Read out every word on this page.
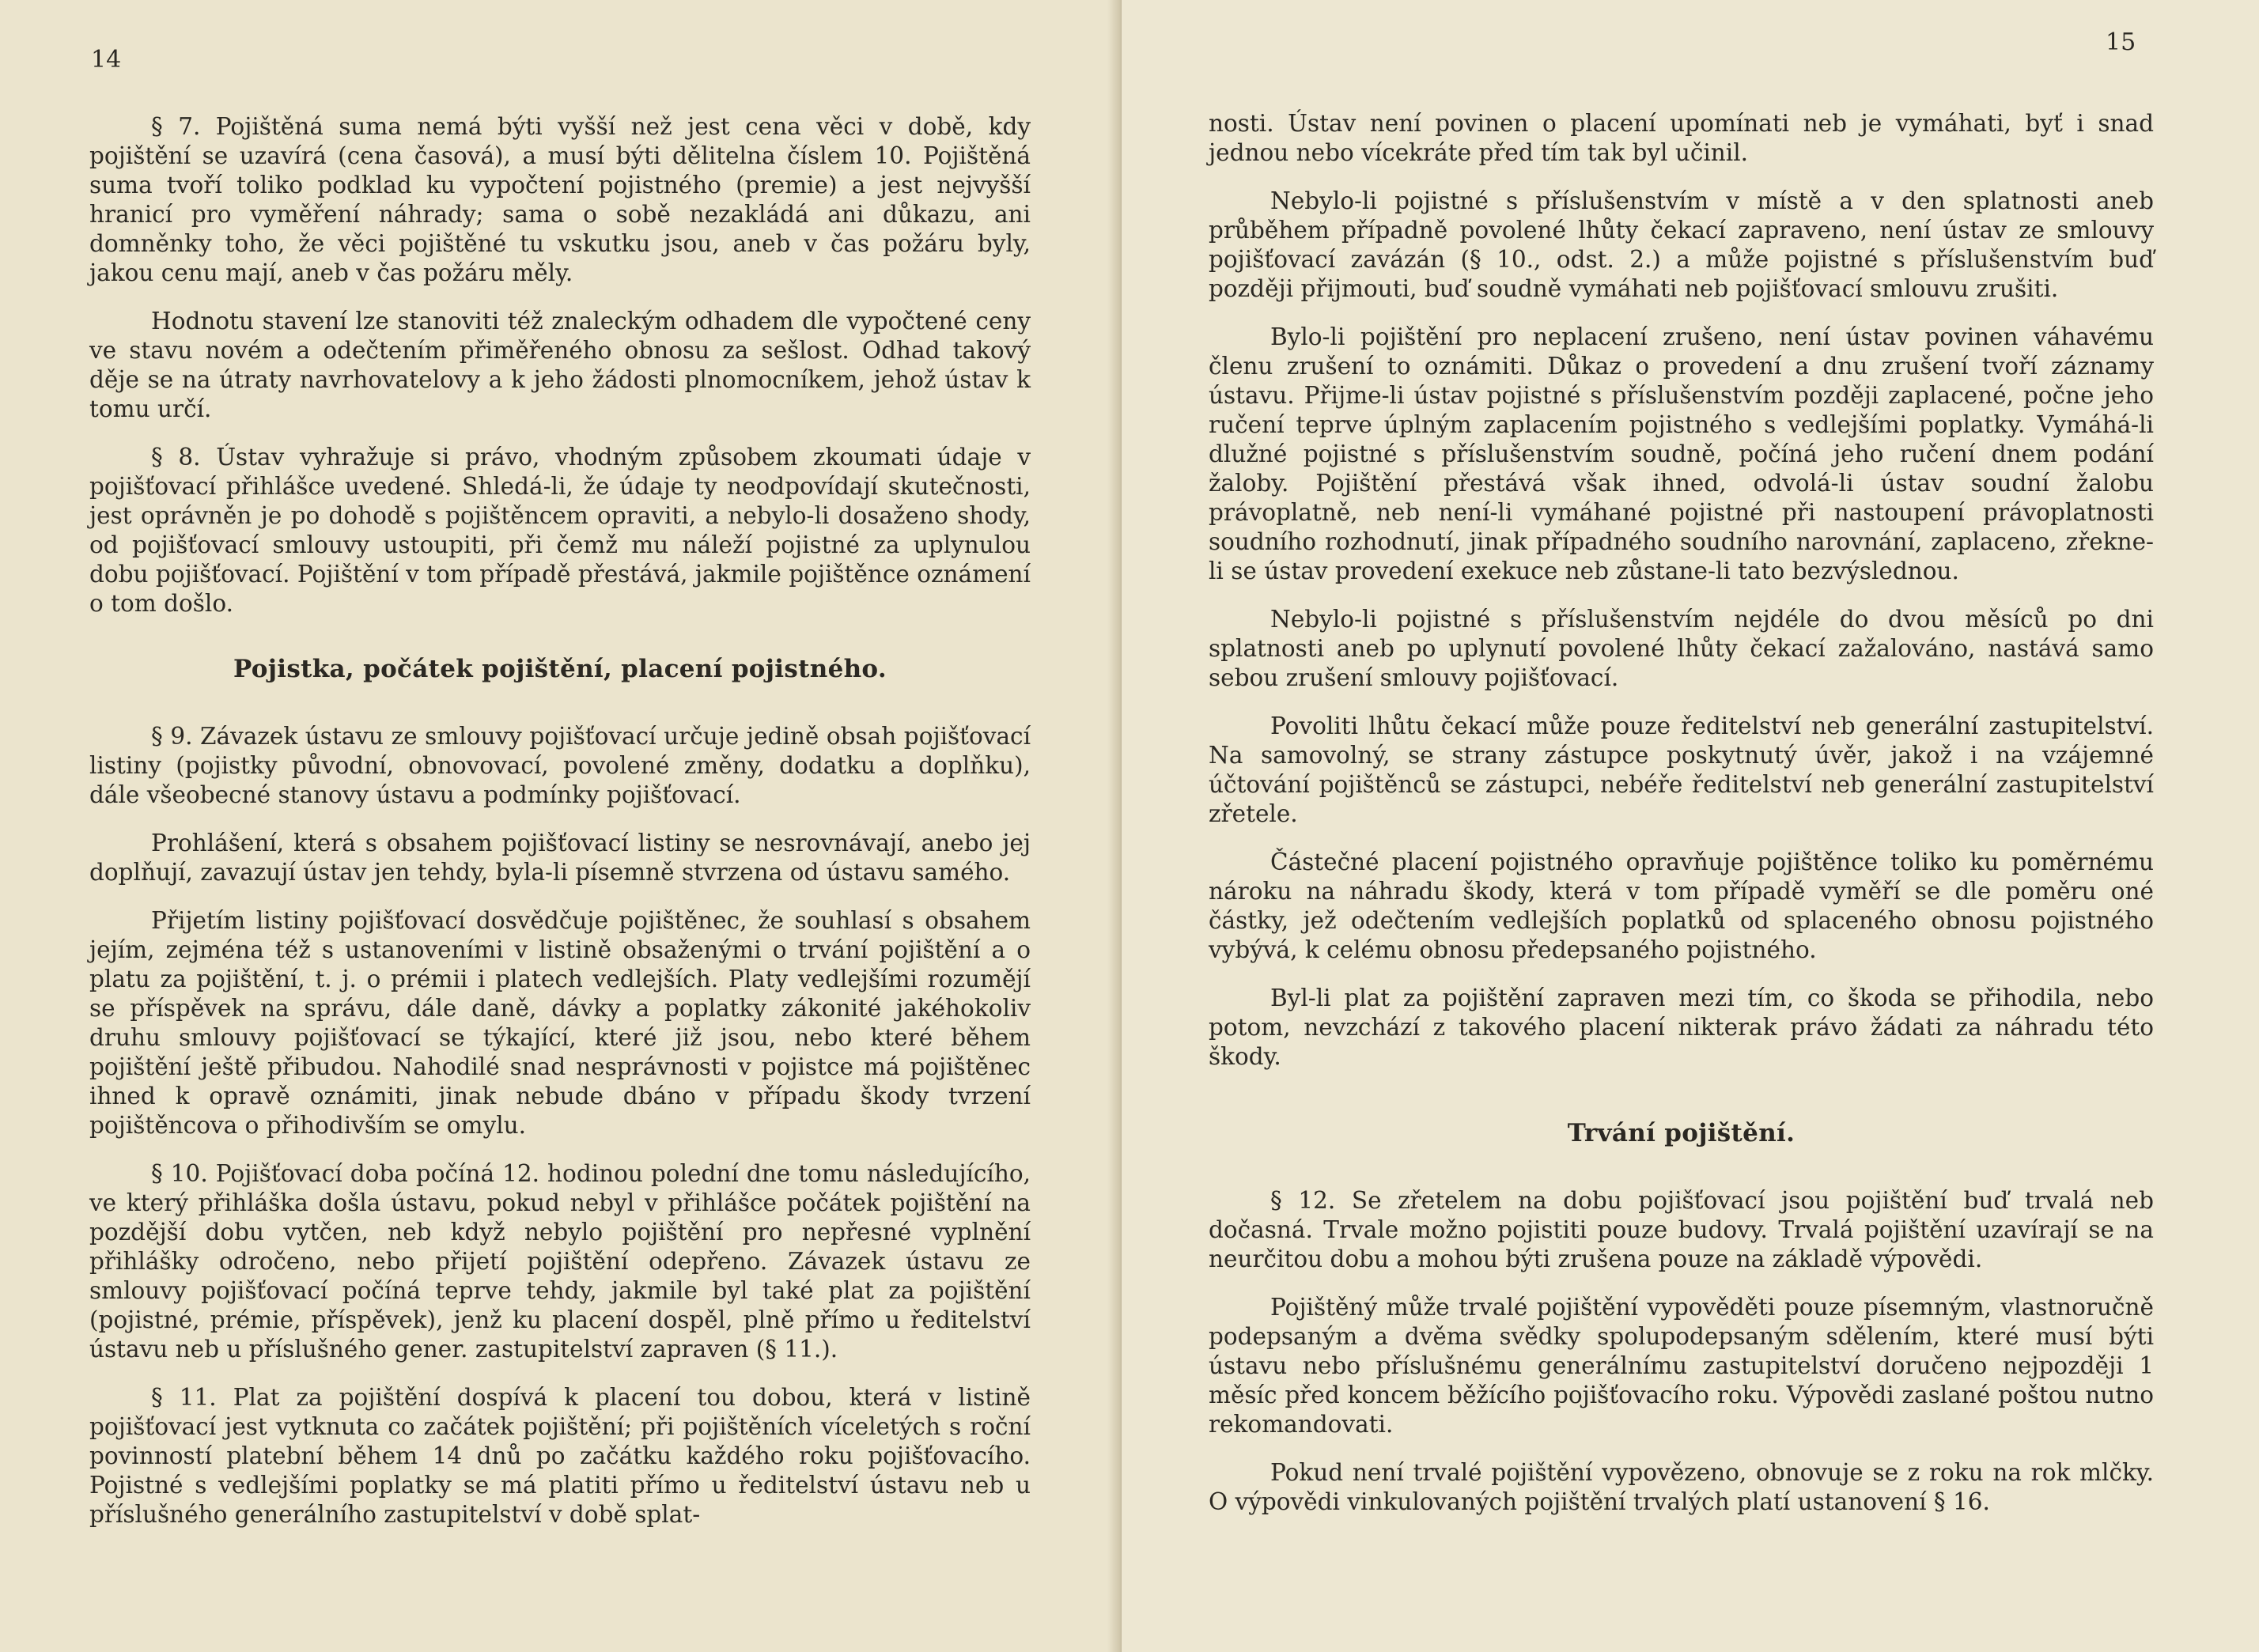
14

§ 7. Pojištěná suma nemá býti vyšší než jest cena věci v době, kdy pojištění se uzavírá (cena časová), a musí býti dělitelna číslem 10. Pojištěná suma tvoří toliko podklad ku vypočtení pojistného (premie) a jest nejvyšší hranicí pro vyměření náhrady; sama o sobě nezakládá ani důkazu, ani domněnky toho, že věci pojištěné tu vskutku jsou, aneb v čas požáru byly, jakou cenu mají, aneb v čas požáru měly.

Hodnotu stavení lze stanoviti též znaleckým odhadem dle vypočtené ceny ve stavu novém a odečtením přiměřeného obnosu za sešlost. Odhad takový děje se na útraty navrhovatelovy a k jeho žádosti plnomocníkem, jehož ústav k tomu určí.

§ 8. Ústav vyhražuje si právo, vhodným způsobem zkoumati údaje v pojišťovací přihlášce uvedené. Shledá-li, že údaje ty neodpovídají skutečnosti, jest oprávněn je po dohodě s pojištěncem opraviti, a nebylo-li dosaženo shody, od pojišťovací smlouvy ustoupiti, při čemž mu náleží pojistné za uplynulou dobu pojišťovací. Pojištění v tom případě přestává, jakmile pojištěnce oznámení o tom došlo.

Pojistka, počátek pojištění, placení pojistného.

§ 9. Závazek ústavu ze smlouvy pojišťovací určuje jedině obsah pojišťovací listiny (pojistky původní, obnovovací, povolené změny, dodatku a doplňku), dále všeobecné stanovy ústavu a podmínky pojišťovací.

Prohlášení, která s obsahem pojišťovací listiny se nesrovnávají, anebo jej doplňují, zavazují ústav jen tehdy, byla-li písemně stvrzena od ústavu samého.

Přijetím listiny pojišťovací dosvědčuje pojištěnec, že souhlasí s obsahem jejím, zejména též s ustanoveními v listině obsaženými o trvání pojištění a o platu za pojištění, t. j. o prémii i platech vedlejších. Platy vedlejšími rozumějí se příspěvek na správu, dále daně, dávky a poplatky zákonité jakéhokoliv druhu smlouvy pojišťovací se týkající, které již jsou, nebo které během pojištění ještě přibudou. Nahodilé snad nesprávnosti v pojistce má pojištěnec ihned k opravě oznámiti, jinak nebude dbáno v případu škody tvrzení pojištěncova o přihodivším se omylu.

§ 10. Pojišťovací doba počíná 12. hodinou polední dne tomu následujícího, ve který přihláška došla ústavu, pokud nebyl v přihlášce počátek pojištění na pozdější dobu vytčen, neb když nebylo pojištění pro nepřesné vyplnění přihlášky odročeno, nebo přijetí pojištění odepřeno. Závazek ústavu ze smlouvy pojišťovací počíná teprve tehdy, jakmile byl také plat za pojištění (pojistné, prémie, příspěvek), jenž ku placení dospěl, plně přímo u ředitelství ústavu neb u příslušného gener. zastupitelství zapraven (§ 11.).

§ 11. Plat za pojištění dospívá k placení tou dobou, která v listině pojišťovací jest vytknuta co začátek pojištění; při pojištěních víceletých s roční povinností platební během 14 dnů po začátku každého roku pojišťovacího. Pojistné s vedlejšími poplatky se má platiti přímo u ředitelství ústavu neb u příslušného generálního zastupitelství v době splat-

15

nosti. Ústav není povinen o placení upomínati neb je vymáhati, byť i snad jednou nebo vícekráte před tím tak byl učinil.

Nebylo-li pojistné s příslušenstvím v místě a v den splatnosti aneb průběhem případně povolené lhůty čekací zapraveno, není ústav ze smlouvy pojišťovací zavázán (§ 10., odst. 2.) a může pojistné s příslušenstvím buď později přijmouti, buď soudně vymáhati neb pojišťovací smlouvu zrušiti.

Bylo-li pojištění pro neplacení zrušeno, není ústav povinen váhavému členu zrušení to oznámiti. Důkaz o provedení a dnu zrušení tvoří záznamy ústavu. Přijme-li ústav pojistné s příslušenstvím později zaplacené, počne jeho ručení teprve úplným zaplacením pojistného s vedlejšími poplatky. Vymáhá-li dlužné pojistné s příslušenstvím soudně, počíná jeho ručení dnem podání žaloby. Pojištění přestává však ihned, odvolá-li ústav soudní žalobu právoplatně, neb není-li vymáhané pojistné při nastoupení právoplatnosti soudního rozhodnutí, jinak případného soudního narovnání, zaplaceno, zřekne-li se ústav provedení exekuce neb zůstane-li tato bezvýslednou.

Nebylo-li pojistné s příslušenstvím nejdéle do dvou měsíců po dni splatnosti aneb po uplynutí povolené lhůty čekací zažalováno, nastává samo sebou zrušení smlouvy pojišťovací.

Povoliti lhůtu čekací může pouze ředitelství neb generální zastupitelství. Na samovolný, se strany zástupce poskytnutý úvěr, jakož i na vzájemné účtování pojištěnců se zástupci, nebéře ředitelství neb generální zastupitelství zřetele.

Částečné placení pojistného opravňuje pojištěnce toliko ku poměrnému nároku na náhradu škody, která v tom případě vyměří se dle poměru oné částky, jež odečtením vedlejších poplatků od splaceného obnosu pojistného vybývá, k celému obnosu předepsaného pojistného.

Byl-li plat za pojištění zapraven mezi tím, co škoda se přihodila, nebo potom, nevzchází z takového placení nikterak právo žádati za náhradu této škody.

Trvání pojištění.

§ 12. Se zřetelem na dobu pojišťovací jsou pojištění buď trvalá neb dočasná. Trvale možno pojistiti pouze budovy. Trvalá pojištění uzavírají se na neurčitou dobu a mohou býti zrušena pouze na základě výpovědi.

Pojištěný může trvalé pojištění vypověděti pouze písemným, vlastnoručně podepsaným a dvěma svědky spolupodepsaným sdělením, které musí býti ústavu nebo příslušnému generálnímu zastupitelství doručeno nejpozději 1 měsíc před koncem běžícího pojišťovacího roku. Výpovědi zaslané poštou nutno rekomandovati.

Pokud není trvalé pojištění vypovězeno, obnovuje se z roku na rok mlčky. O výpovědi vinkulovaných pojištění trvalých platí ustanovení § 16.
